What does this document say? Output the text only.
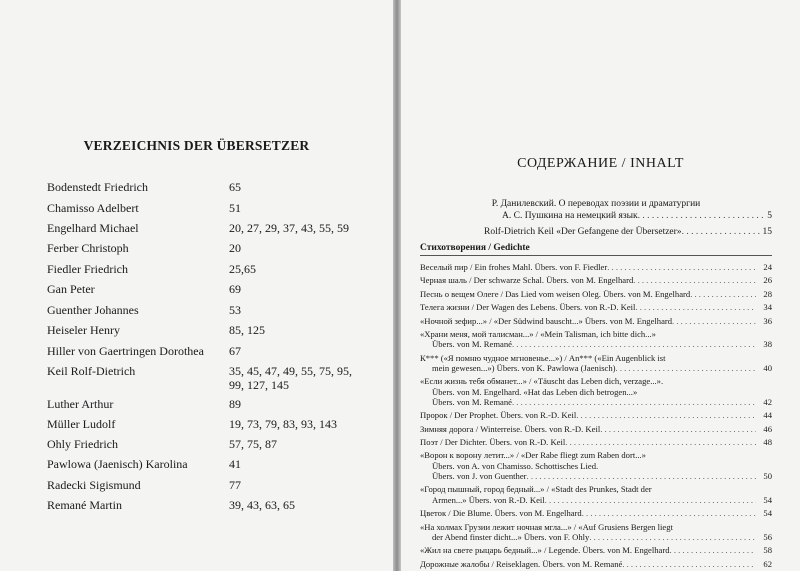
VERZEICHNIS DER ÜBERSETZER
Bodenstedt Friedrich	65
Chamisso Adelbert	51
Engelhard Michael	20, 27, 29, 37, 43, 55, 59
Ferber Christoph	20
Fiedler Friedrich	25,65
Gan Peter	69
Guenther Johannes	53
Heiseler Henry	85, 125
Hiller von Gaertringen Dorothea	67
Keil Rolf-Dietrich	35, 45, 47, 49, 55, 75, 95, 99, 127, 145
Luther Arthur	89
Müller Ludolf	19, 73, 79, 83, 93, 143
Ohly Friedrich	57, 75, 87
Pawlowa (Jaenisch) Karolina	41
Radecki Sigismund	77
Remané Martin	39, 43, 63, 65
СОДЕРЖАНИЕ / INHALT
Р. Данилевский. О переводах поэзии и драматургии
А. С. Пушкина на немецкий язык . . .	5
Rolf-Dietrich Keil «Der Gefangene der Übersetzer» . . .	15
Стихотворения / Gedichte
Веселый пир / Ein frohes Mahl. Übers. von F. Fiedler . . .	24
Черная шаль / Der schwarze Schal. Übers. von M. Engelhard . . .	26
Песнь о вещем Олеге / Das Lied vom weisen Oleg. Übers. von M. Engelhard . . .	28
Телега жизни / Der Wagen des Lebens. Übers. von R.-D. Keil . . .	34
«Ночной зефир...» / «Der Südwind bauscht...» Übers. von M. Engelhard . . .	36
«Храни меня, мой талисман...» / «Mein Talisman, ich bitte dich...»
Übers. von M. Remané . . .	38
К*** («Я помню чудное мгновенье...») / An*** («Ein Augenblick ist
mein gewesen...») Übers. von K. Pawlowa (Jaenisch) . . .	40
«Если жизнь тебя обманет...» / «Täuscht das Leben dich, verzage...».
Übers. von M. Engelhard. «Hat das Leben dich betrogen...»
Übers. von M. Remané . . .	42
Пророк / Der Prophet. Übers. von R.-D. Keil . . .	44
Зимняя дорога / Winterreise. Übers. von R.-D. Keil . . .	46
Поэт / Der Dichter. Übers. von R.-D. Keil . . .	48
«Ворон к ворону летит...» / «Der Rabe fliegt zum Raben dort...»
Übers. von A. von Chamisso. Schottisches Lied.
Übers. von J. von Guenther . . .	50
«Город пышный, город бедный...» / «Stadt des Prunkes, Stadt der
Armen...» Übers. von R.-D. Keil . . .	54
Цветок / Die Blume. Übers. von M. Engelhard . . .	54
«На холмах Грузии лежит ночная мгла...» / «Auf Grusiens Bergen liegt
der Abend finster dicht...» Übers. von F. Ohly . . .	56
«Жил на свете рыцарь бедный...» / Legende. Übers. von M. Engelhard . . .	58
Дорожные жалобы / Reiseklagen. Übers. von M. Remané . . .	62
